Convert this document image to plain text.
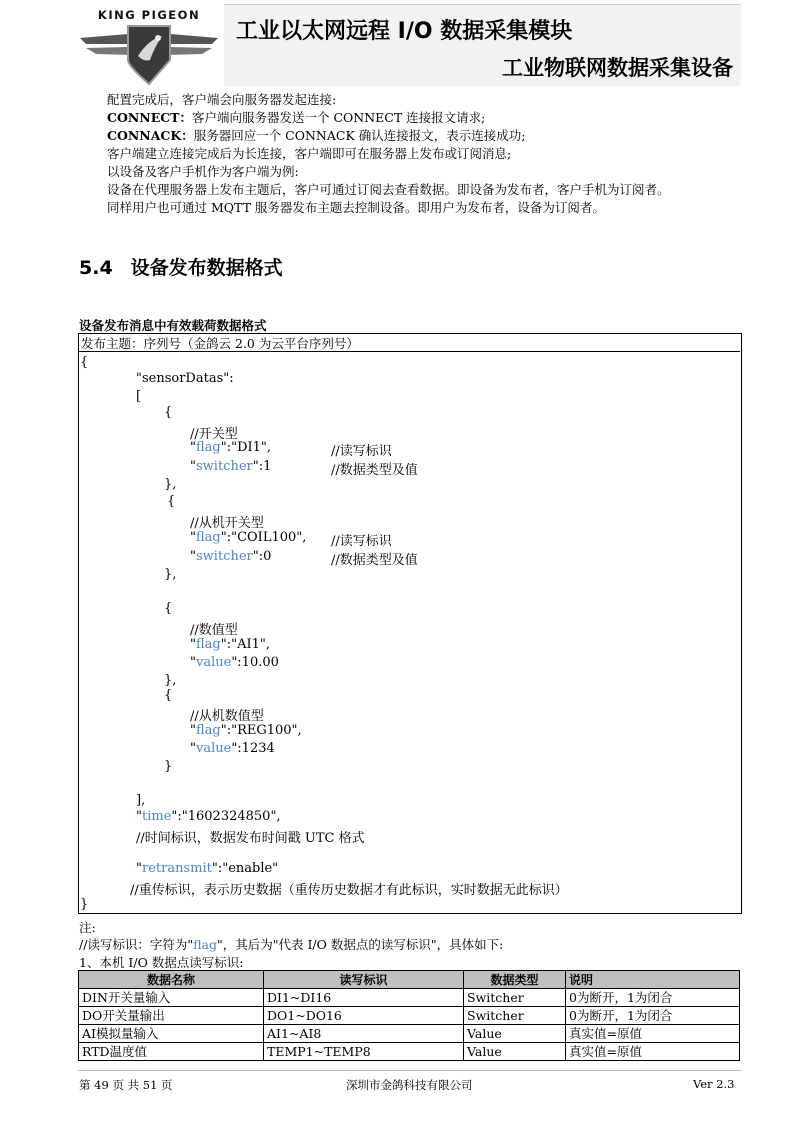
KING PIGEON
工业以太网远程 I/O 数据采集模块
工业物联网数据采集设备
配置完成后，客户端会向服务器发起连接:
CONNECT：客户端向服务器发送一个 CONNECT 连接报文请求;
CONNACK：服务器回应一个 CONNACK 确认连接报文，表示连接成功;
客户端建立连接完成后为长连接，客户端即可在服务器上发布或订阅消息;
以设备及客户手机作为客户端为例:
设备在代理服务器上发布主题后，客户可通过订阅去查看数据。即设备为发布者，客户手机为订阅者。
同样用户也可通过 MQTT 服务器发布主题去控制设备。即用户为发布者，设备为订阅者。
5.4 设备发布数据格式
设备发布消息中有效载荷数据格式
发布主题：序列号（金鸽云 2.0 为云平台序列号）
{
"sensorDatas":
[
{
//开关型
"flag":"DI1",	//读写标识
"switcher":1	//数据类型及值
},
{
//从机开关型
"flag":"COIL100", //读写标识
"switcher":0	//数据类型及值
},
{
//数值型
"flag":"AI1",
"value":10.00
},
{
//从机数值型
"flag":"REG100",
"value":1234
}
],
"time":"1602324850",
//时间标识，数据发布时间戳 UTC 格式
"retransmit":"enable"
//重传标识，表示历史数据（重传历史数据才有此标识，实时数据无此标识）
}
注:
//读写标识：字符为"flag"，其后为"代表 I/O 数据点的读写标识"，具体如下:
1、本机 I/O 数据点读写标识:
数据名称	读写标识	数据类型	说明
DIN开关量输入	DI1~DI16	Switcher	0为断开，1为闭合
DO开关量输出	DO1~DO16	Switcher	0为断开，1为闭合
AI模拟量输入	AI1~AI8	Value	真实值=原值
RTD温度值	TEMP1~TEMP8	Value	真实值=原值
第 49 页 共 51 页	深圳市金鸽科技有限公司	Ver 2.3
